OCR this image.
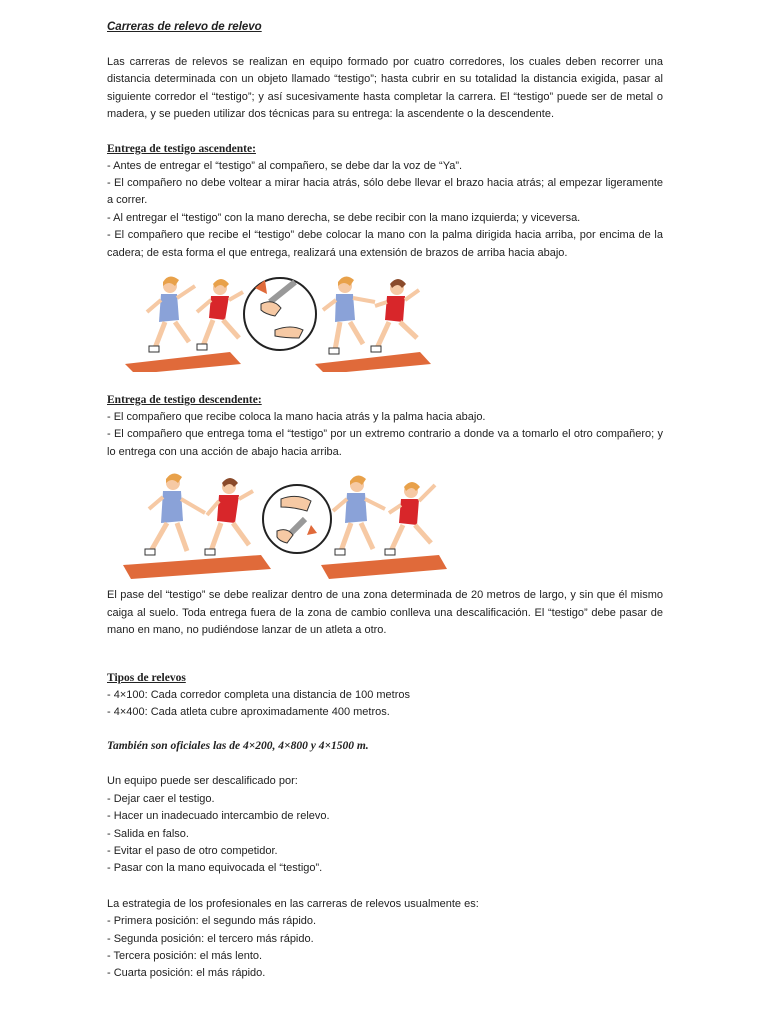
Carreras de relevo de relevo

Las carreras de relevos se realizan en equipo formado por cuatro corredores, los cuales deben recorrer una distancia determinada con un objeto llamado “testigo”; hasta cubrir en su totalidad la distancia exigida, pasar al siguiente corredor el “testigo”; y así sucesivamente hasta completar la carrera. El “testigo” puede ser de metal o madera, y se pueden utilizar dos técnicas para su entrega: la ascendente o la descendente.

Entrega de testigo ascendente:

- Antes de entregar el “testigo” al compañero, se debe dar la voz de “Ya”.

- El compañero no debe voltear a mirar hacia atrás, sólo debe llevar el brazo hacia atrás; al empezar ligeramente a correr.

- Al entregar el “testigo” con la mano derecha, se debe recibir con la mano izquierda; y viceversa.

- El compañero que recibe el “testigo” debe colocar la mano con la palma dirigida hacia arriba, por encima de la cadera; de esta forma el que entrega, realizará una extensión de brazos de arriba hacia abajo.

Entrega de testigo descendente:

- El compañero que recibe coloca la mano hacia atrás y la palma hacia abajo.

- El compañero que entrega toma el “testigo” por un extremo contrario a donde va a tomarlo el otro compañero; y lo entrega con una acción de abajo hacia arriba.

El pase del “testigo” se debe realizar dentro de una zona determinada de 20 metros de largo, y sin que él mismo caiga al suelo. Toda entrega fuera de la zona de cambio conlleva una descalificación. El “testigo” debe pasar de mano en mano, no pudiéndose lanzar de un atleta a otro.

Tipos de relevos

- 4×100: Cada corredor completa una distancia de 100 metros

- 4×400: Cada atleta cubre aproximadamente 400 metros.

También son oficiales las de 4×200, 4×800 y 4×1500 m.

Un equipo puede ser descalificado por:

- Dejar caer el testigo.

- Hacer un inadecuado intercambio de relevo.

- Salida en falso.

- Evitar el paso de otro competidor.

- Pasar con la mano equivocada el “testigo”.

La estrategia de los profesionales en las carreras de relevos usualmente es:

- Primera posición: el segundo más rápido.

- Segunda posición: el tercero más rápido.

- Tercera posición: el más lento.

- Cuarta posición: el más rápido.
